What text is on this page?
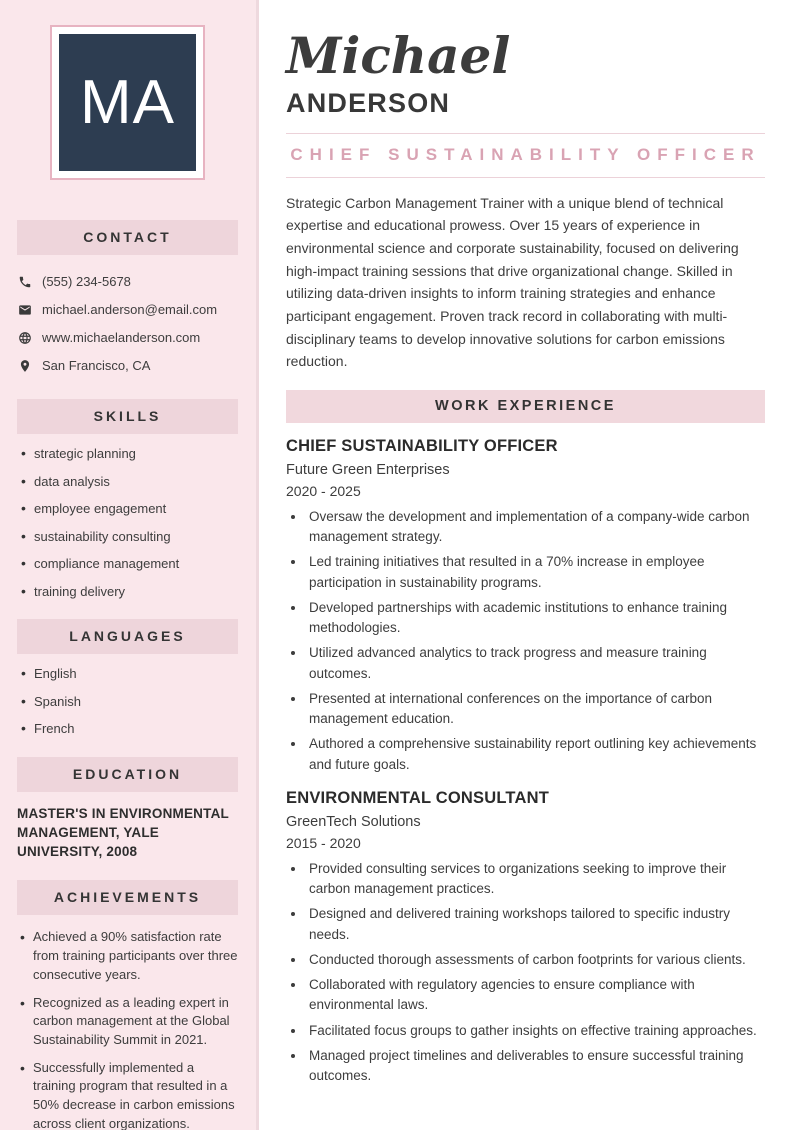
MA
CONTACT
(555) 234-5678
michael.anderson@email.com
www.michaelanderson.com
San Francisco, CA
SKILLS
• strategic planning
• data analysis
• employee engagement
• sustainability consulting
• compliance management
• training delivery
LANGUAGES
• English
• Spanish
• French
EDUCATION
MASTER'S IN ENVIRONMENTAL MANAGEMENT, YALE UNIVERSITY, 2008
ACHIEVEMENTS
• Achieved a 90% satisfaction rate from training participants over three consecutive years.
• Recognized as a leading expert in carbon management at the Global Sustainability Summit in 2021.
• Successfully implemented a training program that resulted in a 50% decrease in carbon emissions across client organizations.
Michael
ANDERSON
CHIEF SUSTAINABILITY OFFICER

Strategic Carbon Management Trainer with a unique blend of technical expertise and educational prowess. Over 15 years of experience in environmental science and corporate sustainability, focused on delivering high-impact training sessions that drive organizational change. Skilled in utilizing data-driven insights to inform training strategies and enhance participant engagement. Proven track record in collaborating with multi-disciplinary teams to develop innovative solutions for carbon emissions reduction.

WORK EXPERIENCE
CHIEF SUSTAINABILITY OFFICER
Future Green Enterprises
2020 - 2025
• Oversaw the development and implementation of a company-wide carbon management strategy.
• Led training initiatives that resulted in a 70% increase in employee participation in sustainability programs.
• Developed partnerships with academic institutions to enhance training methodologies.
• Utilized advanced analytics to track progress and measure training outcomes.
• Presented at international conferences on the importance of carbon management education.
• Authored a comprehensive sustainability report outlining key achievements and future goals.
ENVIRONMENTAL CONSULTANT
GreenTech Solutions
2015 - 2020
• Provided consulting services to organizations seeking to improve their carbon management practices.
• Designed and delivered training workshops tailored to specific industry needs.
• Conducted thorough assessments of carbon footprints for various clients.
• Collaborated with regulatory agencies to ensure compliance with environmental laws.
• Facilitated focus groups to gather insights on effective training approaches.
• Managed project timelines and deliverables to ensure successful training outcomes.
